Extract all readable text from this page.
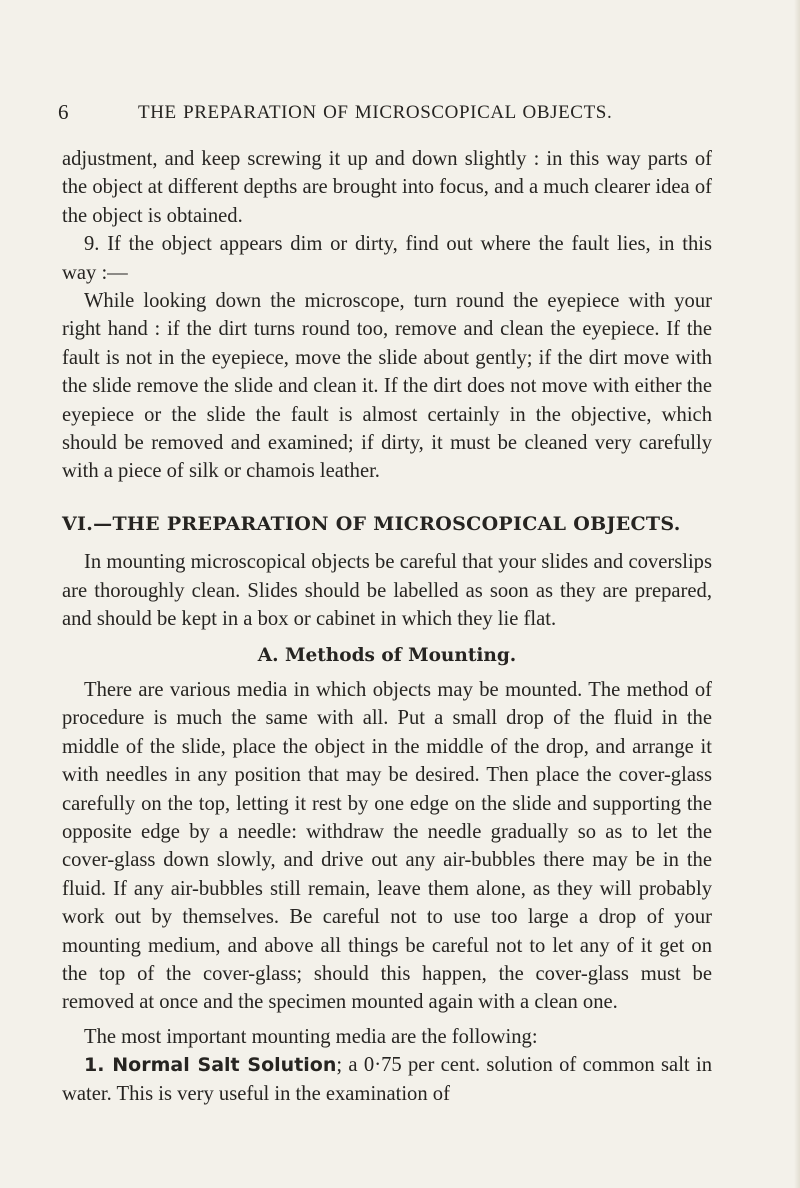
6	THE PREPARATION OF MICROSCOPICAL OBJECTS.

adjustment, and keep screwing it up and down slightly : in this way parts of the object at different depths are brought into focus, and a much clearer idea of the object is obtained.

9. If the object appears dim or dirty, find out where the fault lies, in this way :—

While looking down the microscope, turn round the eyepiece with your right hand : if the dirt turns round too, remove and clean the eyepiece. If the fault is not in the eyepiece, move the slide about gently; if the dirt move with the slide remove the slide and clean it. If the dirt does not move with either the eyepiece or the slide the fault is almost certainly in the objective, which should be removed and examined; if dirty, it must be cleaned very carefully with a piece of silk or chamois leather.

VI.—THE PREPARATION OF MICROSCOPICAL OBJECTS.

In mounting microscopical objects be careful that your slides and coverslips are thoroughly clean. Slides should be labelled as soon as they are prepared, and should be kept in a box or cabinet in which they lie flat.

A. Methods of Mounting.

There are various media in which objects may be mounted. The method of procedure is much the same with all. Put a small drop of the fluid in the middle of the slide, place the object in the middle of the drop, and arrange it with needles in any position that may be desired. Then place the cover-glass carefully on the top, letting it rest by one edge on the slide and supporting the opposite edge by a needle: withdraw the needle gradually so as to let the cover-glass down slowly, and drive out any air-bubbles there may be in the fluid. If any air-bubbles still remain, leave them alone, as they will probably work out by themselves. Be careful not to use too large a drop of your mounting medium, and above all things be careful not to let any of it get on the top of the cover-glass; should this happen, the cover-glass must be removed at once and the specimen mounted again with a clean one.

The most important mounting media are the following:

1. Normal Salt Solution; a 0·75 per cent. solution of common salt in water. This is very useful in the examination of
